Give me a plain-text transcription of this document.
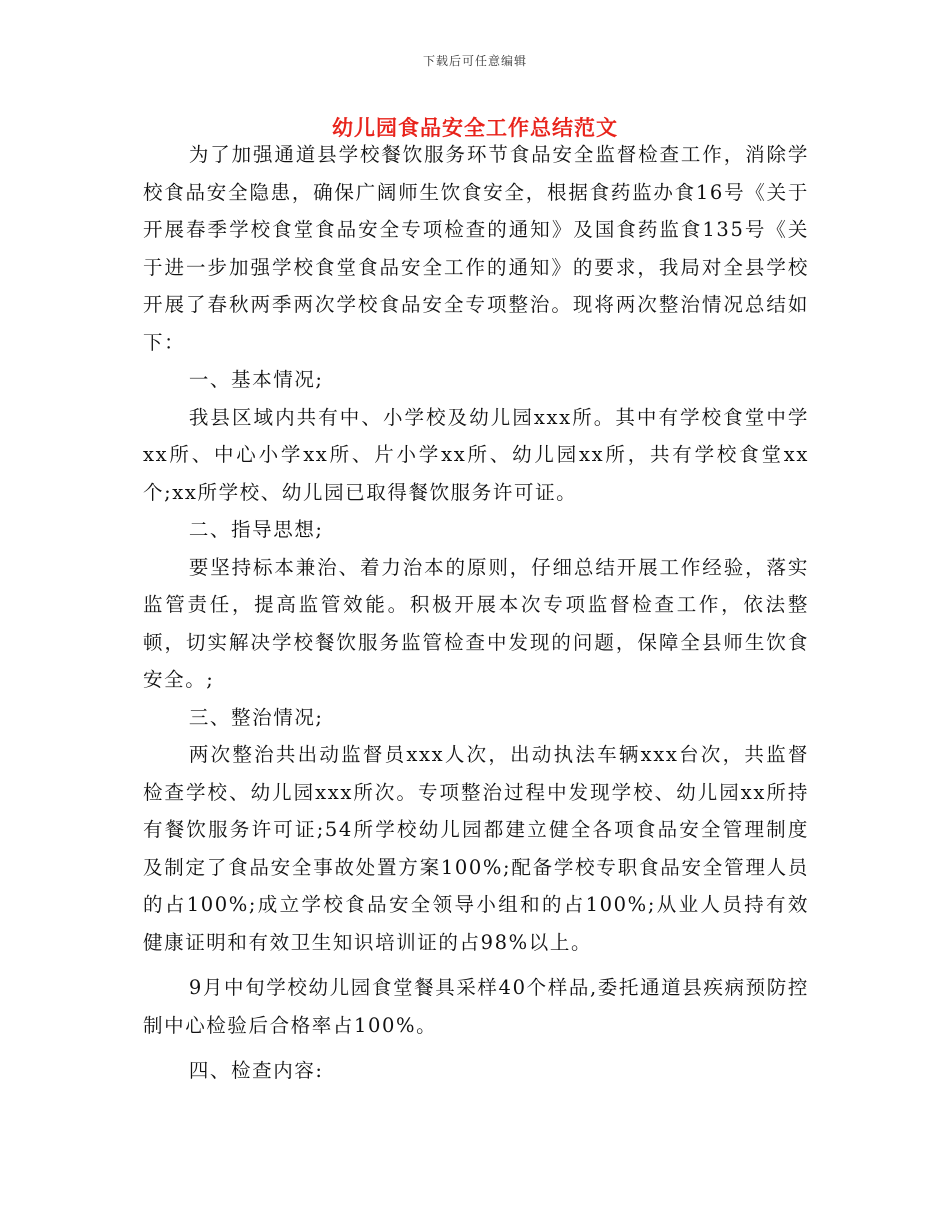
下载后可任意编辑
幼儿园食品安全工作总结范文

为了加强通道县学校餐饮服务环节食品安全监督检查工作，消除学校食品安全隐患，确保广阔师生饮食安全，根据食药监办食16号《关于开展春季学校食堂食品安全专项检查的通知》及国食药监食135号《关于进一步加强学校食堂食品安全工作的通知》的要求，我局对全县学校开展了春秋两季两次学校食品安全专项整治。现将两次整治情况总结如下：

一、基本情况;

我县区域内共有中、小学校及幼儿园xxx所。其中有学校食堂中学xx所、中心小学xx所、片小学xx所、幼儿园xx所，共有学校食堂xx个;xx所学校、幼儿园已取得餐饮服务许可证。

二、指导思想;

要坚持标本兼治、着力治本的原则，仔细总结开展工作经验，落实监管责任，提高监管效能。积极开展本次专项监督检查工作，依法整顿，切实解决学校餐饮服务监管检查中发现的问题，保障全县师生饮食安全。;

三、整治情况;

两次整治共出动监督员xxx人次，出动执法车辆xxx台次，共监督检查学校、幼儿园xxx所次。专项整治过程中发现学校、幼儿园xx所持有餐饮服务许可证;54所学校幼儿园都建立健全各项食品安全管理制度及制定了食品安全事故处置方案100%;配备学校专职食品安全管理人员的占100%;成立学校食品安全领导小组和的占100%;从业人员持有效健康证明和有效卫生知识培训证的占98%以上。

9月中旬学校幼儿园食堂餐具采样40个样品,委托通道县疾病预防控制中心检验后合格率占100%。

四、检查内容:
